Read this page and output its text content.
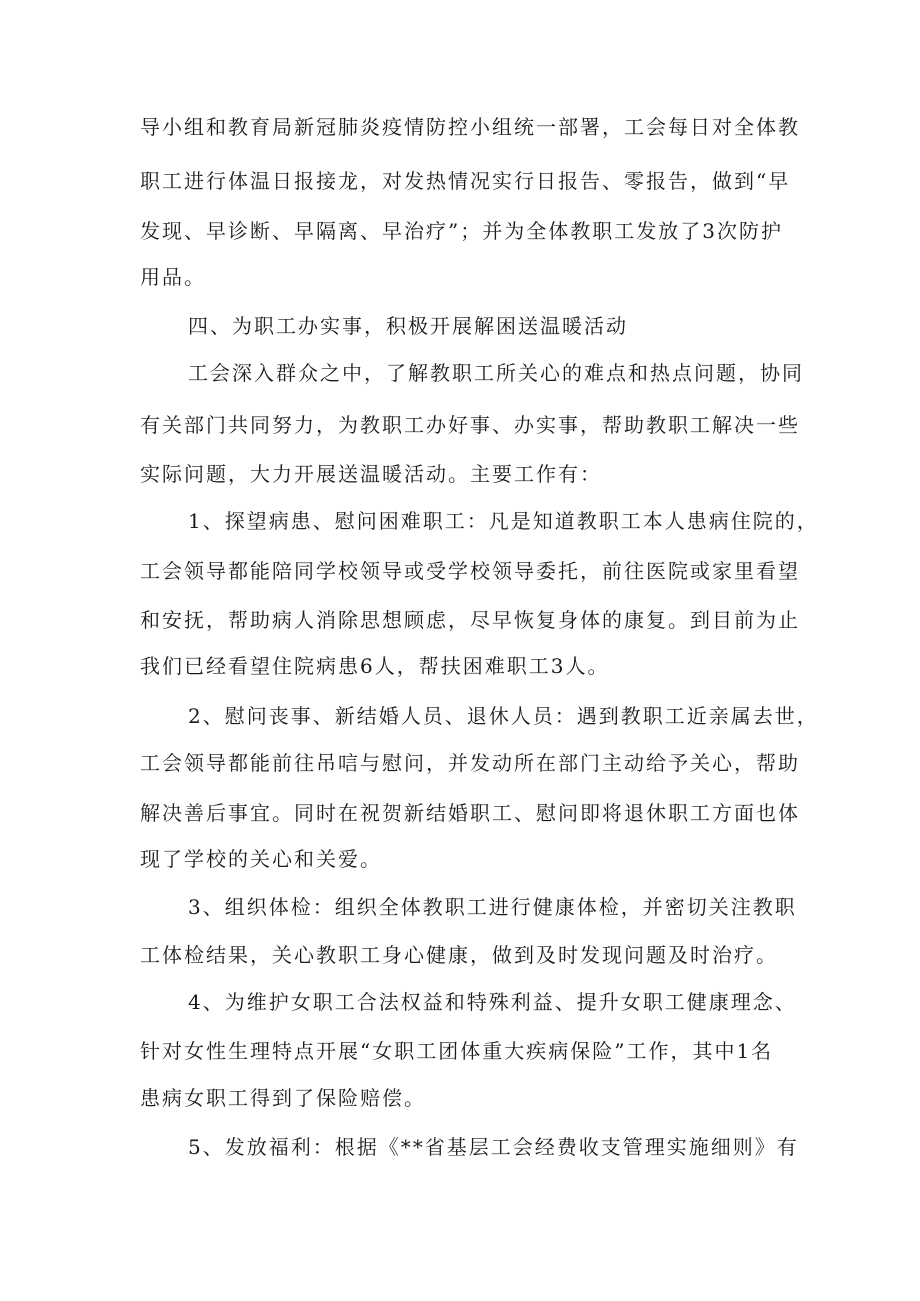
导小组和教育局新冠肺炎疫情防控小组统一部署，工会每日对全体教
职工进行体温日报接龙，对发热情况实行日报告、零报告，做到“早
发现、早诊断、早隔离、早治疗”；并为全体教职工发放了3次防护
用品。
四、为职工办实事，积极开展解困送温暖活动
工会深入群众之中，了解教职工所关心的难点和热点问题，协同
有关部门共同努力，为教职工办好事、办实事，帮助教职工解决一些
实际问题，大力开展送温暖活动。主要工作有：
1、探望病患、慰问困难职工：凡是知道教职工本人患病住院的，
工会领导都能陪同学校领导或受学校领导委托，前往医院或家里看望
和安抚，帮助病人消除思想顾虑，尽早恢复身体的康复。到目前为止
我们已经看望住院病患6人，帮扶困难职工3人。
2、慰问丧事、新结婚人员、退休人员：遇到教职工近亲属去世，
工会领导都能前往吊唁与慰问，并发动所在部门主动给予关心，帮助
解决善后事宜。同时在祝贺新结婚职工、慰问即将退休职工方面也体
现了学校的关心和关爱。
3、组织体检：组织全体教职工进行健康体检，并密切关注教职
工体检结果，关心教职工身心健康，做到及时发现问题及时治疗。
4、为维护女职工合法权益和特殊利益、提升女职工健康理念、
针对女性生理特点开展“女职工团体重大疾病保险”工作，其中1名
患病女职工得到了保险赔偿。
5、发放福利：根据《**省基层工会经费收支管理实施细则》有
